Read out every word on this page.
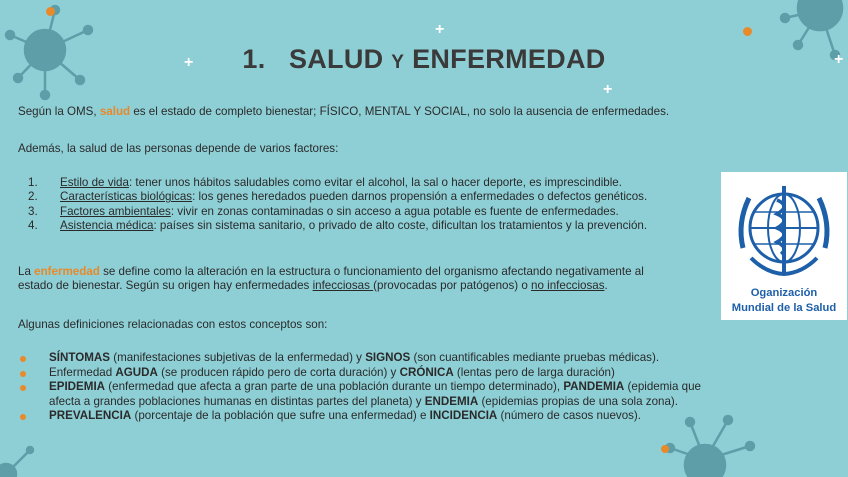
+
+
+
+
1. SALUD Y ENFERMEDAD
Según la OMS, salud es el estado de completo bienestar; FÍSICO, MENTAL Y SOCIAL, no solo la ausencia de enfermedades.
Además, la salud de las personas depende de varios factores:
1. Estilo de vida: tener unos hábitos saludables como evitar el alcohol, la sal o hacer deporte, es imprescindible.
2. Características biológicas: los genes heredados pueden darnos propensión a enfermedades o defectos genéticos.
3. Factores ambientales: vivir en zonas contaminadas o sin acceso a agua potable es fuente de enfermedades.
4. Asistencia médica: países sin sistema sanitario, o privado de alto coste, dificultan los tratamientos y la prevención.
La enfermedad se define como la alteración en la estructura o funcionamiento del organismo afectando negativamente al
estado de bienestar. Según su origen hay enfermedades infecciosas (provocadas por patógenos) o no infecciosas.
Algunas definiciones relacionadas con estos conceptos son:
SÍNTOMAS (manifestaciones subjetivas de la enfermedad) y SIGNOS (son cuantificables mediante pruebas médicas).
Enfermedad AGUDA (se producen rápido pero de corta duración) y CRÓNICA (lentas pero de larga duración)
EPIDEMIA (enfermedad que afecta a gran parte de una población durante un tiempo determinado), PANDEMIA (epidemia que afecta a grandes poblaciones humanas en distintas partes del planeta) y ENDEMIA (epidemias propias de una sola zona).
PREVALENCIA (porcentaje de la población que sufre una enfermedad) e INCIDENCIA (número de casos nuevos).
Oganización
Mundial de la Salud
